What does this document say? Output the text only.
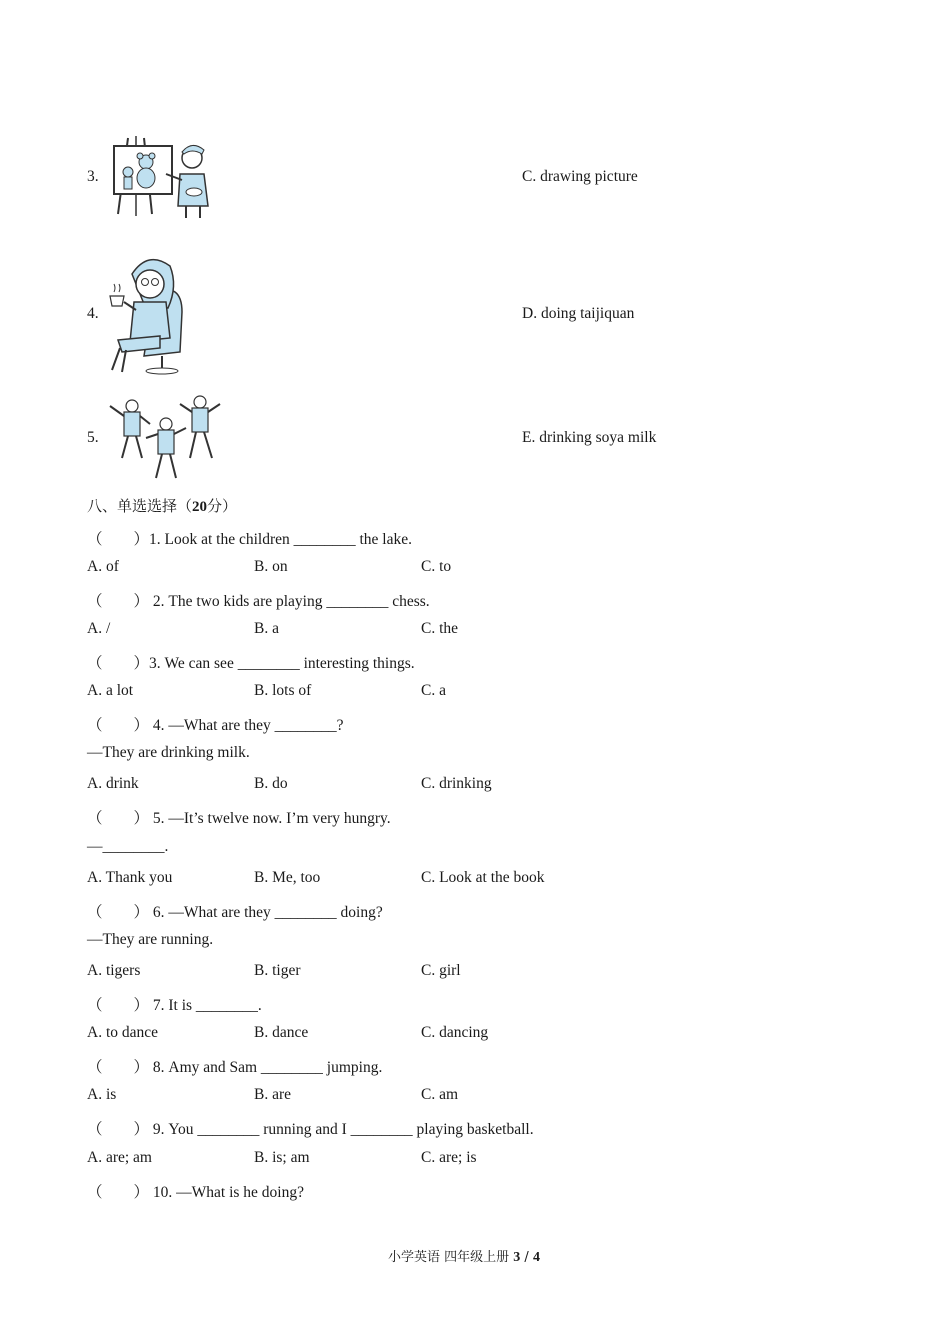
3.	C. drawing picture
4.	D. doing taijiquan
5.	E. drinking soya milk
八、单选选择（20分）
（　　）1. Look at the children ________ the lake.
A. of	B. on	C. to
（　　） 2. The two kids are playing ________ chess.
A. /	B. a	C. the
（　　）3. We can see ________ interesting things.
A. a lot	B. lots of	C. a
（　　） 4. —What are they ________?
—They are drinking milk.
A. drink	B. do	C. drinking
（　　） 5. —It’s twelve now. I’m very hungry.
—________.
A. Thank you	B. Me, too	C. Look at the book
（　　） 6. —What are they ________ doing?
—They are running.
A. tigers	B. tiger	C. girl
（　　） 7. It is ________.
A. to dance	B. dance	C. dancing
（　　） 8. Amy and Sam ________ jumping.
A. is	B. are	C. am
（　　） 9. You ________ running and I ________ playing basketball.
A. are; am	B. is; am	C. are; is
（　　） 10. —What is he doing?
小学英语 四年级上册 3 / 4
